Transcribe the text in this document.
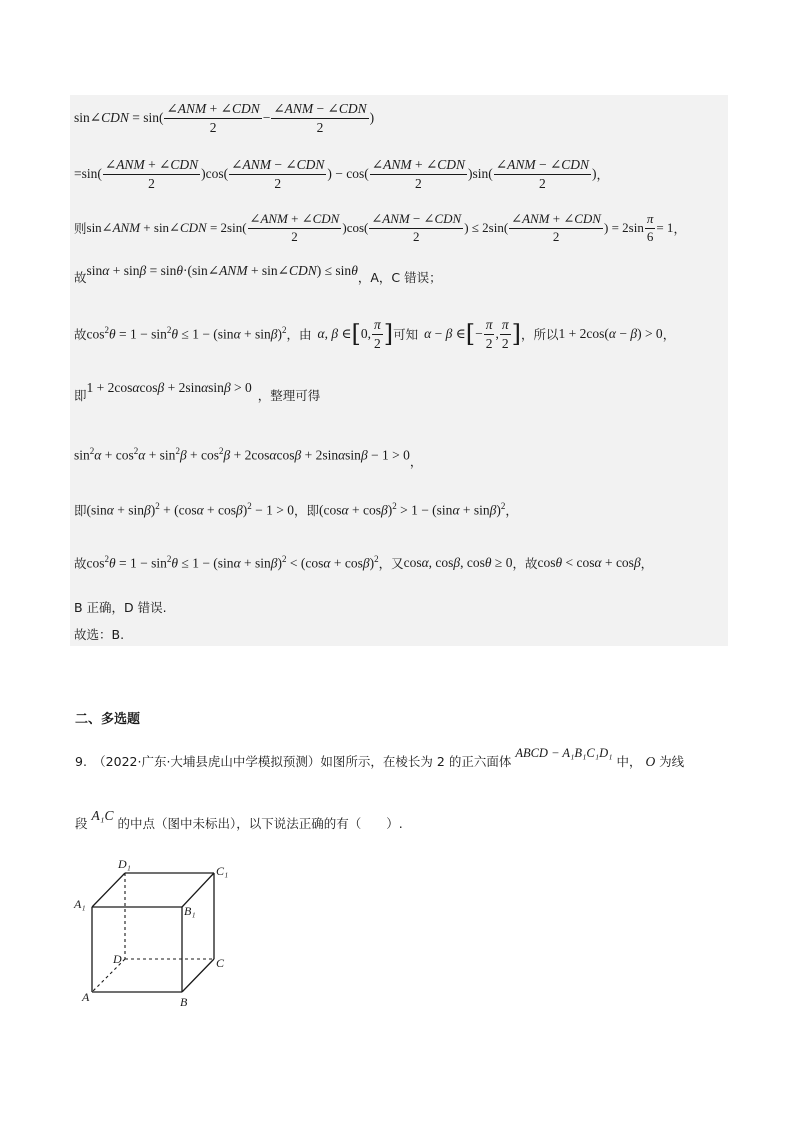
sin∠CDN = $\sin( \frac{\text{∠ANM + ∠CDN}}{2} - \frac{\text{∠ANM − ∠CDN}}{2}$ )
= $\sin( \frac{\text{∠ANM + ∠CDN}}{2} )\cos( \frac{\text{∠ANM − ∠CDN}}{2}$ ) − $\cos( \frac{\text{∠ANM + ∠CDN}}{2} )\sin( \frac{\text{∠ANM − ∠CDN}}{2}$ ) ，
则 sin∠ANM + sin∠CDN = $2\sin( \frac{\text{∠ANM + ∠CDN}}{2} )\cos( \frac{\text{∠ANM − ∠CDN}}{2}$ ) ≤ $2\sin( \frac{\text{∠ANM + ∠CDN}}{2}$ ) = $2\sin \frac{\pi}{6} = 1$ ，
故 sinα + sinβ = sinθ·(sin∠ANM + sin∠CDN) ≤ sinθ ，A，C 错误；
故 $\cos^2\theta = 1 - \sin^2\theta \le 1 - (\sin\alpha + \sin\beta)^2$ ，由 α, β ∈ [ 0, $\frac{\pi}{2}$ ] 可知 α − β ∈ [ − $\frac{\pi}{2}$ , $\frac{\pi}{2}$ ] ，所以 1 + 2cos(α − β) > 0 ，
即
1 + 2cosαcosβ + 2sinαsinβ > 0
，整理可得
$\sin^2\alpha + \cos^2\alpha + \sin^2\beta + \cos^2\beta + 2\cos\alpha\cos\beta + 2\sin\alpha\sin\beta - 1 > 0$ ，
即 $(\sin\alpha + \sin\beta)^2 + (\cos\alpha + \cos\beta)^2 - 1 > 0$ ，即 $(\cos\alpha + \cos\beta)^2 > 1 - (\sin\alpha + \sin\beta)^2$ ，
故 $\cos^2\theta = 1 - \sin^2\theta \le 1 - (\sin\alpha + \sin\beta)^2 < (\cos\alpha + \cos\beta)^2$ ，又 cosα, cosβ, cosθ ≥ 0 ，故 cosθ < cosα + cosβ ，
B 正确，D 错误.
故选：B.
二、多选题
9.　（2022·广东·大埔县虎山中学模拟预测）如图所示，在棱长为 2 的正六面体 ABCD − A₁B₁C₁D₁ 中， O 为线
段 A₁C 的中点（图中未标出），以下说法正确的有（　　）.
D₁	C₁
A₁	B₁
D	C
A	B
